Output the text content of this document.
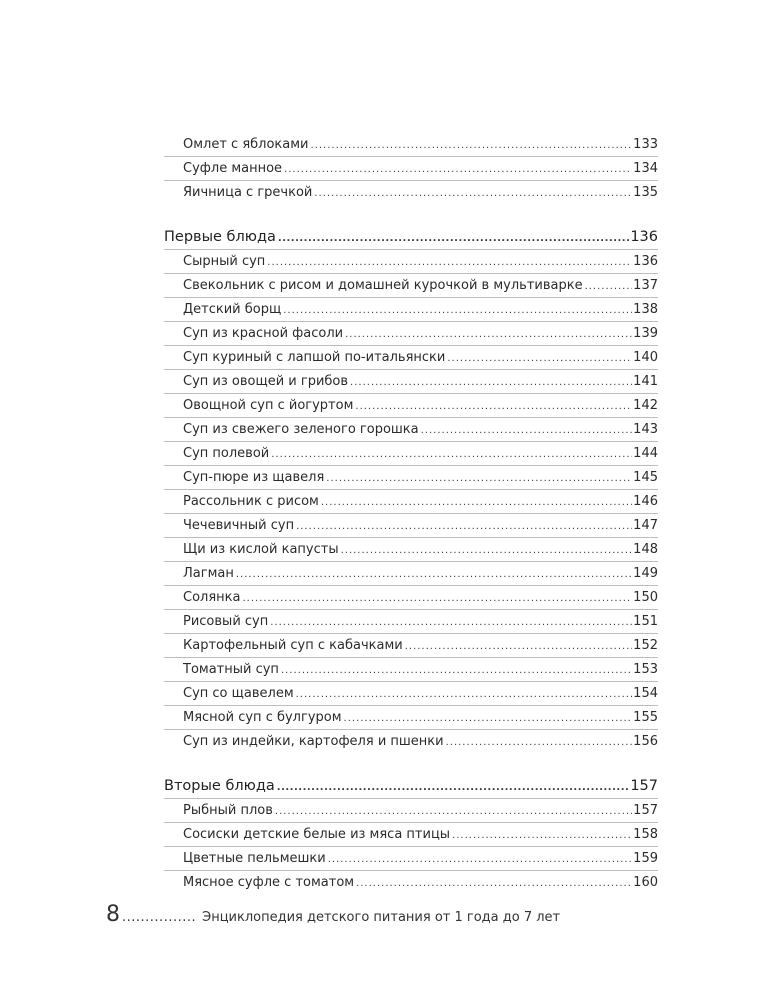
Омлет с яблоками .....	133
Суфле манное .....	134
Яичница с гречкой .....	135
Первые блюда .....	136
Сырный суп .....	136
Свекольник с рисом и домашней курочкой в мультиварке .....	137
Детский борщ .....	138
Суп из красной фасоли .....	139
Суп куриный с лапшой по-итальянски .....	140
Суп из овощей и грибов .....	141
Овощной суп с йогуртом .....	142
Суп из свежего зеленого горошка .....	143
Суп полевой .....	144
Суп-пюре из щавеля .....	145
Рассольник с рисом .....	146
Чечевичный суп .....	147
Щи из кислой капусты .....	148
Лагман .....	149
Солянка .....	150
Рисовый суп .....	151
Картофельный суп с кабачками .....	152
Томатный суп .....	153
Суп со щавелем .....	154
Мясной суп с булгуром .....	155
Суп из индейки, картофеля и пшенки .....	156
Вторые блюда .....	157
Рыбный плов .....	157
Сосиски детские белые из мяса птицы .....	158
Цветные пельмешки .....	159
Мясное суфле с томатом .....	160
8 ................ Энциклопедия детского питания от 1 года до 7 лет
